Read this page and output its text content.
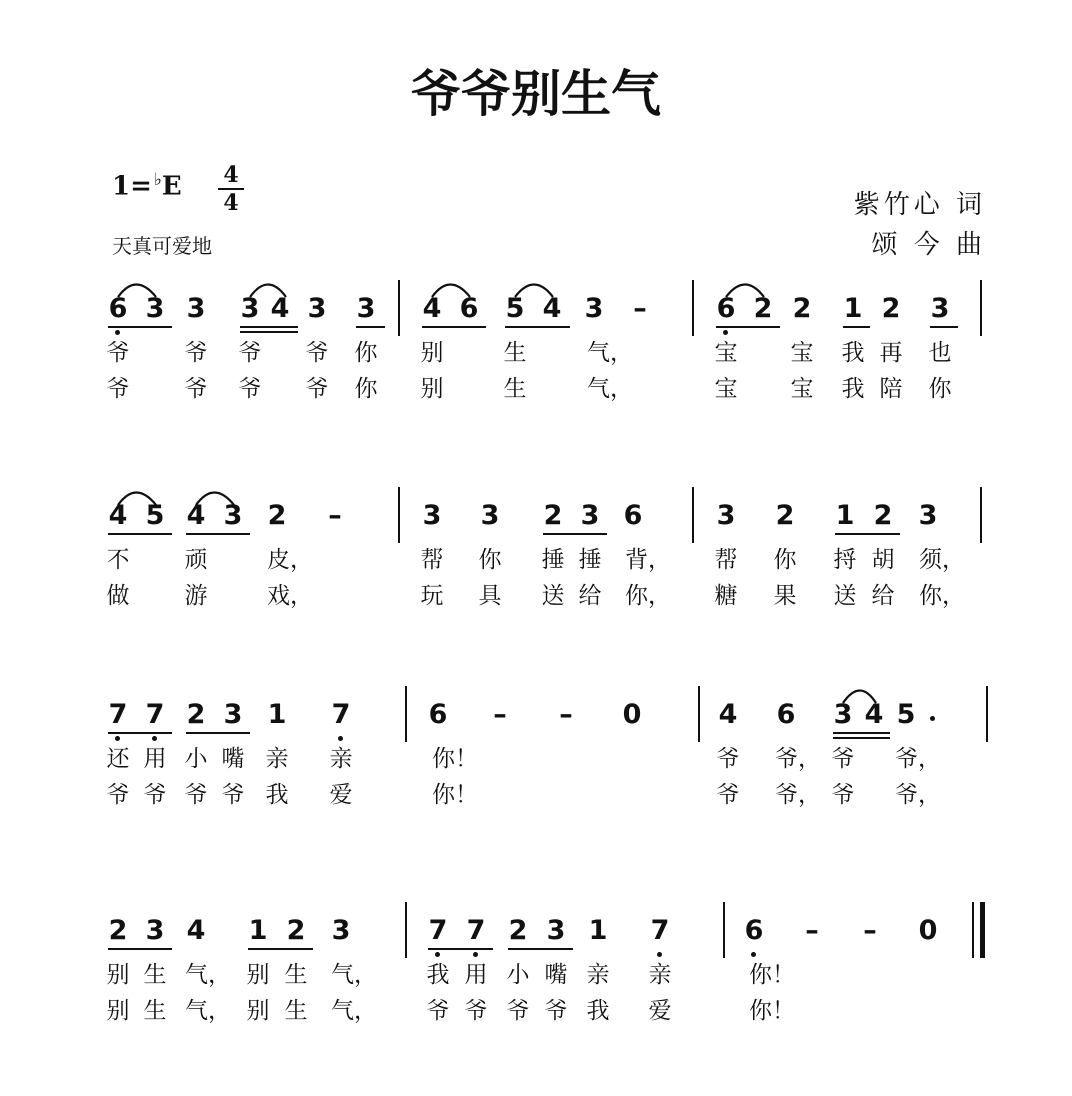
爷爷别生气
1= ♭E	4
4
天真可爱地
紫竹心 词
颂 今 曲
6 3 3 3 4 3 3 4 6 5 4 3	–	6 2 2 1 2 3
爷 爷 爷 爷 你 别	生	气，	宝 宝 我 再 也
爷 爷 爷 爷 你 别	生	气，	宝 宝 我 陪 你
4 5 4 3 2	–	3 3 2 3 6	3 2 1 2 3
不 顽	皮，	帮 你 捶 捶 背，	帮 你 捋 胡 须，
做 游	戏，	玩 具 送 给 你，	糖 果 送 给 你，
7 7 2 3 1 7	6	–	–	0	4 6 3 4 5
还 用 小 嘴 亲 亲	你！	爷 爷， 爷 爷，
爷 爷 爷 爷 我 爱	你！	爷 爷， 爷 爷，
2 3 4 1 2 3	7 7 2 3 1 7	6	–	–	0
别 生 气， 别 生 气，	我 用 小 嘴 亲 亲	你！
别 生 气， 别 生 气，	爷 爷 爷 爷 我 爱	你！
